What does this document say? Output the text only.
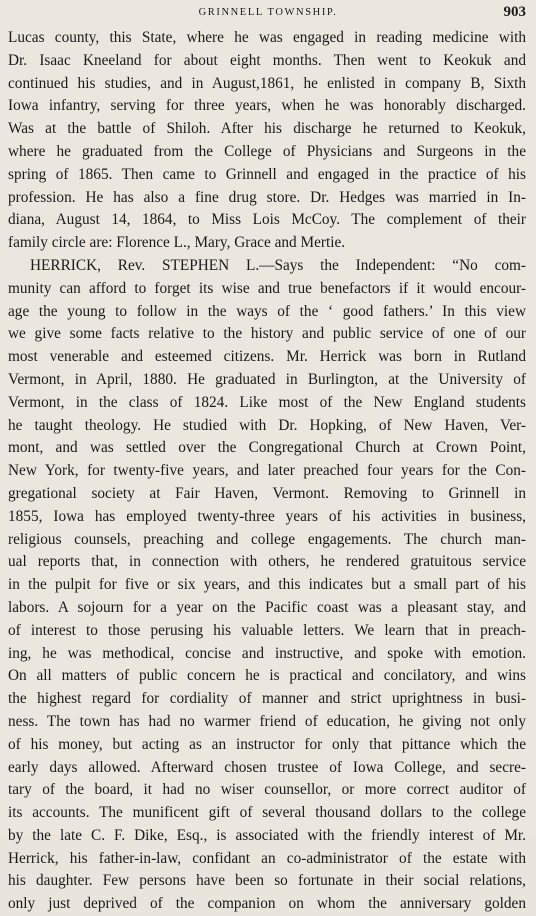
GRINNELL TOWNSHIP.	903
Lucas county, this State, where he was engaged in reading medicine with
Dr. Isaac Kneeland for about eight months. Then went to Keokuk and
continued his studies, and in August,1861, he enlisted in company B, Sixth
Iowa infantry, serving for three years, when he was honorably discharged.
Was at the battle of Shiloh. After his discharge he returned to Keokuk,
where he graduated from the College of Physicians and Surgeons in the
spring of 1865. Then came to Grinnell and engaged in the practice of his
profession. He has also a fine drug store. Dr. Hedges was married in In-
diana, August 14, 1864, to Miss Lois McCoy. The complement of their
family circle are: Florence L., Mary, Grace and Mertie.
HERRICK, Rev. STEPHEN L.—Says the Independent: “No com-
munity can afford to forget its wise and true benefactors if it would encour-
age the young to follow in the ways of the ‘ good fathers.’ In this view
we give some facts relative to the history and public service of one of our
most venerable and esteemed citizens. Mr. Herrick was born in Rutland
Vermont, in April, 1880. He graduated in Burlington, at the University of
Vermont, in the class of 1824. Like most of the New England students
he taught theology. He studied with Dr. Hopking, of New Haven, Ver-
mont, and was settled over the Congregational Church at Crown Point,
New York, for twenty-five years, and later preached four years for the Con-
gregational society at Fair Haven, Vermont. Removing to Grinnell in
1855, Iowa has employed twenty-three years of his activities in business,
religious counsels, preaching and college engagements. The church man-
ual reports that, in connection with others, he rendered gratuitous service
in the pulpit for five or six years, and this indicates but a small part of his
labors. A sojourn for a year on the Pacific coast was a pleasant stay, and
of interest to those perusing his valuable letters. We learn that in preach-
ing, he was methodical, concise and instructive, and spoke with emotion.
On all matters of public concern he is practical and concilatory, and wins
the highest regard for cordiality of manner and strict uprightness in busi-
ness. The town has had no warmer friend of education, he giving not only
of his money, but acting as an instructor for only that pittance which the
early days allowed. Afterward chosen trustee of Iowa College, and secre-
tary of the board, it had no wiser counsellor, or more correct auditor of
its accounts. The munificent gift of several thousand dollars to the college
by the late C. F. Dike, Esq., is associated with the friendly interest of Mr.
Herrick, his father-in-law, confidant an co-administrator of the estate with
his daughter. Few persons have been so fortunate in their social relations,
only just deprived of the companion on whom the anniversary golden
